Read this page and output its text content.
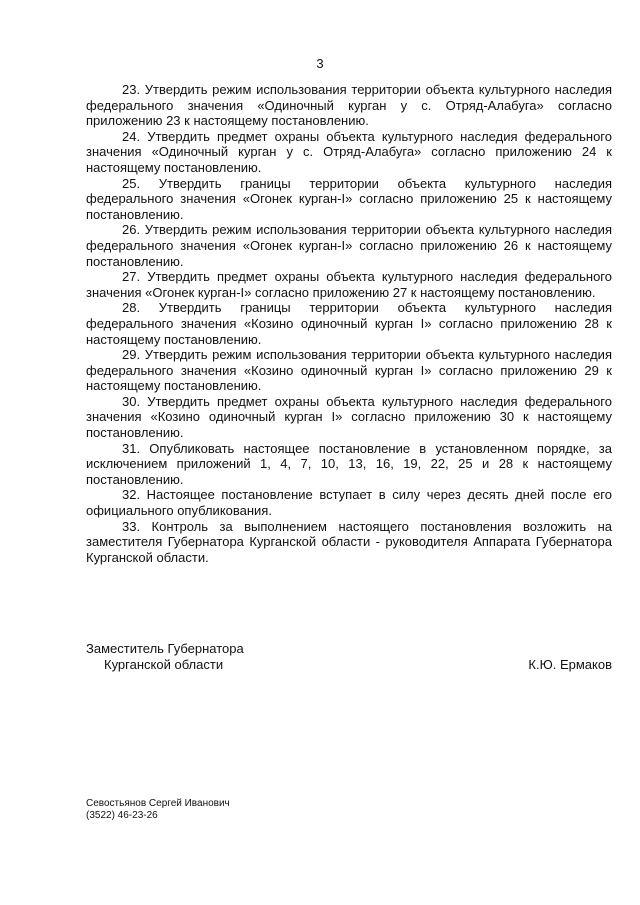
3

23. Утвердить режим использования территории объекта культурного наследия федерального значения «Одиночный курган у с. Отряд-Алабуга» согласно приложению 23 к настоящему постановлению.

24. Утвердить предмет охраны объекта культурного наследия федерального значения «Одиночный курган у с. Отряд-Алабуга» согласно приложению 24 к настоящему постановлению.

25. Утвердить границы территории объекта культурного наследия федерального значения «Огонек курган-I» согласно приложению 25 к настоящему постановлению.

26. Утвердить режим использования территории объекта культурного наследия федерального значения «Огонек курган-I» согласно приложению 26 к настоящему постановлению.

27. Утвердить предмет охраны объекта культурного наследия федерального значения «Огонек курган-I» согласно приложению 27 к настоящему постановлению.

28. Утвердить границы территории объекта культурного наследия федерального значения «Козино одиночный курган I» согласно приложению 28 к настоящему постановлению.

29. Утвердить режим использования территории объекта культурного наследия федерального значения «Козино одиночный курган I» согласно приложению 29 к настоящему постановлению.

30. Утвердить предмет охраны объекта культурного наследия федерального значения «Козино одиночный курган I» согласно приложению 30 к настоящему постановлению.

31. Опубликовать настоящее постановление в установленном порядке, за исключением приложений 1, 4, 7, 10, 13, 16, 19, 22, 25 и 28 к настоящему постановлению.

32. Настоящее постановление вступает в силу через десять дней после его официального опубликования.

33. Контроль за выполнением настоящего постановления возложить на заместителя Губернатора Курганской области - руководителя Аппарата Губернатора Курганской области.

Заместитель Губернатора
Курганской области	К.Ю. Ермаков
Севостьянов Сергей Иванович
(3522) 46-23-26
